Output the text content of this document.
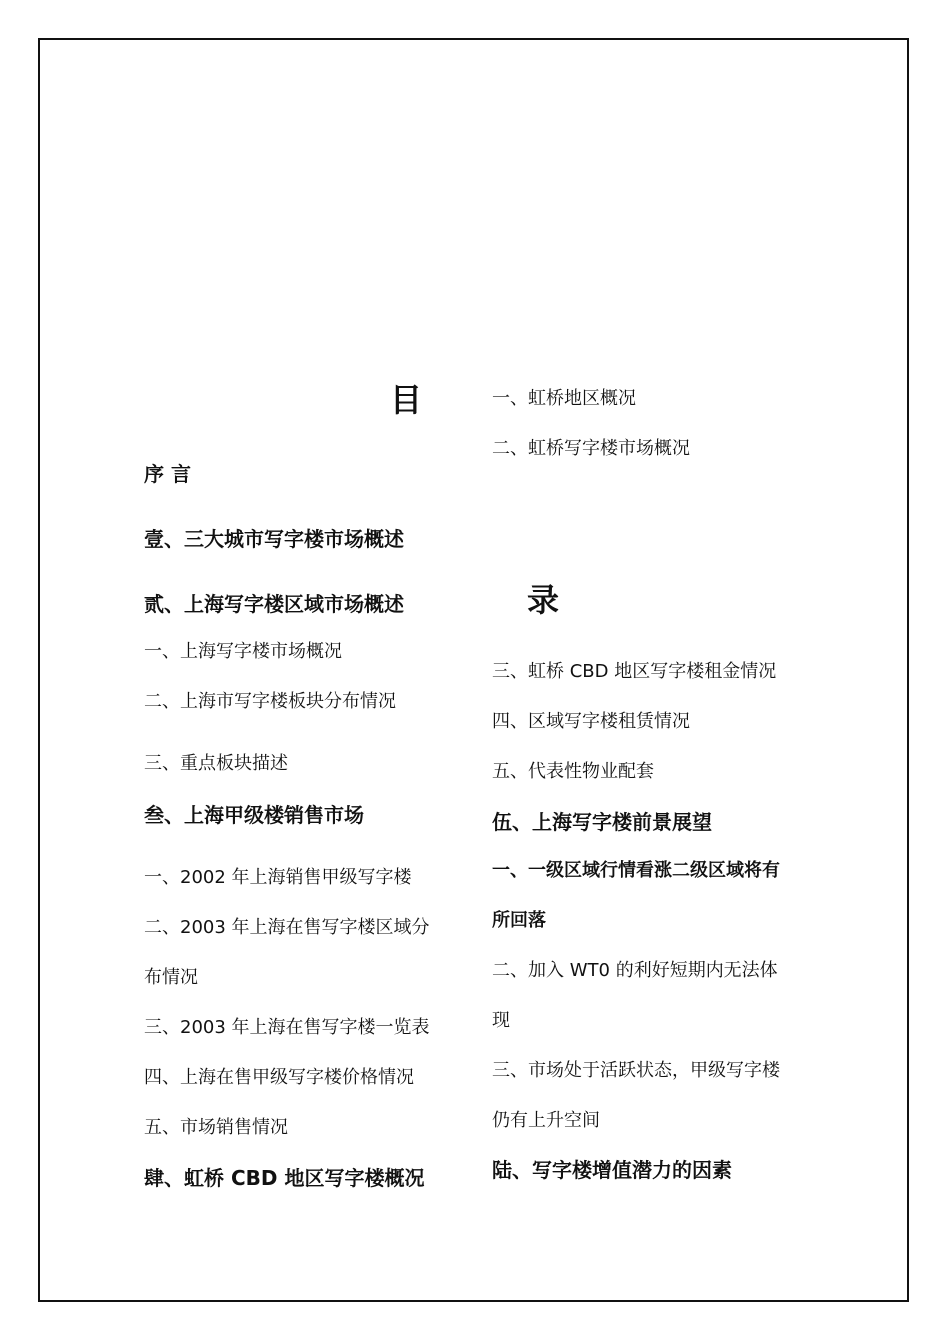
目
录
序 言
壹、三大城市写字楼市场概述
贰、上海写字楼区域市场概述
一、上海写字楼市场概况
二、上海市写字楼板块分布情况
三、重点板块描述
叁、上海甲级楼销售市场
一、2002 年上海销售甲级写字楼
二、2003 年上海在售写字楼区域分
布情况
三、2003 年上海在售写字楼一览表
四、上海在售甲级写字楼价格情况
五、市场销售情况
肆、虹桥 CBD 地区写字楼概况
一、虹桥地区概况
二、虹桥写字楼市场概况
三、虹桥 CBD 地区写字楼租金情况
四、区域写字楼租赁情况
五、代表性物业配套
伍、上海写字楼前景展望
一、一级区域行情看涨二级区域将有
所回落
二、加入 WT0 的利好短期内无法体
现
三、市场处于活跃状态，甲级写字楼
仍有上升空间
陆、写字楼增值潜力的因素
